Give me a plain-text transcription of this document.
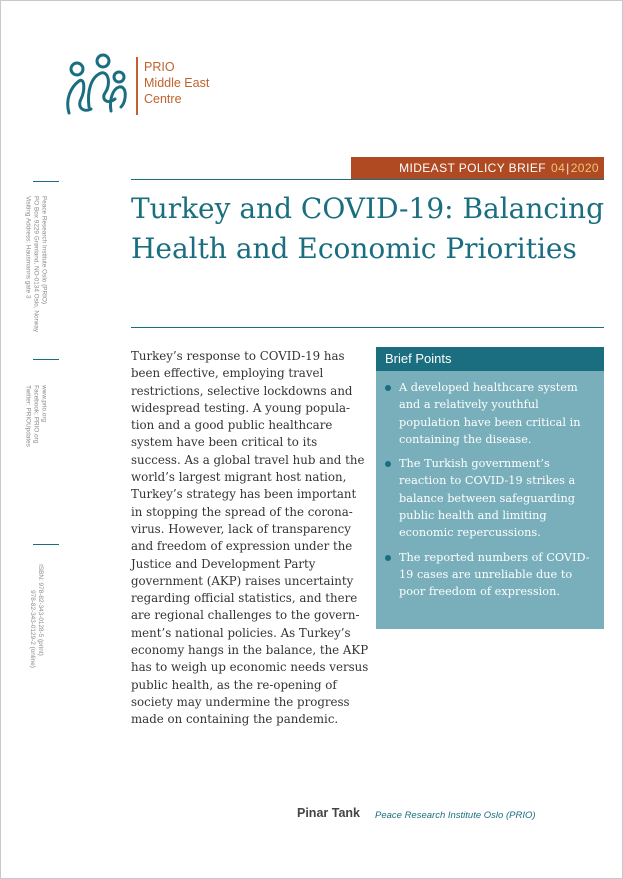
PRIO
Middle East
Centre
Peace Research Institute Oslo (PRIO)
PO Box 9229 Grønland, NO-0134 Oslo, Norway
Visiting Address: Hausmanns gate 3
www.prio.org
Facebook: PRIO.org
Twitter: PRIOUpdates
ISBN: 978-82-343-0128-5 (print)
978-82-343-0129-2 (online)
MIDEAST POLICY BRIEF 04 | 2020
Turkey and COVID-19: Balancing Health and Economic Priorities

Turkey’s response to COVID-19 has been effective, employing travel restrictions, selective lockdowns and widespread testing. A young population and a good public healthcare system have been critical to its success. As a global travel hub and the world’s largest migrant host nation, Turkey’s strategy has been important in stopping the spread of the coronavirus. However, lack of transparency and freedom of expression under the Justice and Development Party government (AKP) raises uncertainty regarding official statistics, and there are regional challenges to the government’s national policies. As Turkey’s economy hangs in the balance, the AKP has to weigh up economic needs versus public health, as the re-opening of society may undermine the progress made on containing the pandemic.

Brief Points
A developed healthcare system and a relatively youthful population have been critical in containing the disease.
The Turkish government’s reaction to COVID-19 strikes a balance between safeguarding public health and limiting economic repercussions.
The reported numbers of COVID-19 cases are unreliable due to poor freedom of expression.
Pinar Tank Peace Research Institute Oslo (PRIO)
